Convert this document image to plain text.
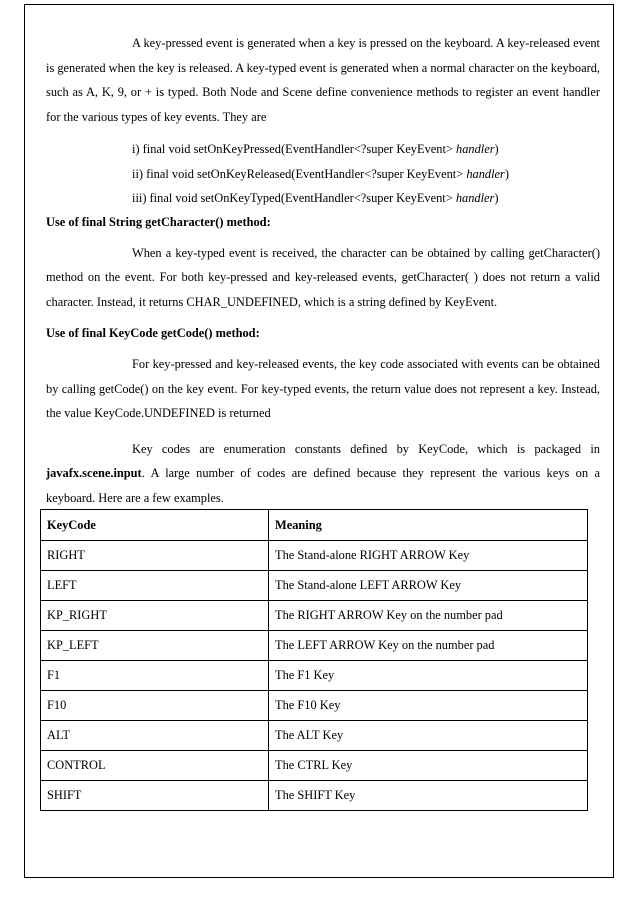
A key-pressed event is generated when a key is pressed on the keyboard. A key-released event is generated when the key is released. A key-typed event is generated when a normal character on the keyboard, such as A, K, 9, or + is typed. Both Node and Scene define convenience methods to register an event handler for the various types of key events. They are

i) final void setOnKeyPressed(EventHandler<?super KeyEvent> handler)
ii) final void setOnKeyReleased(EventHandler<?super KeyEvent> handler)
iii) final void setOnKeyTyped(EventHandler<?super KeyEvent> handler)

Use of final String getCharacter() method:

When a key-typed event is received, the character can be obtained by calling getCharacter() method on the event. For both key-pressed and key-released events, getCharacter( ) does not return a valid character. Instead, it returns CHAR_UNDEFINED, which is a string defined by KeyEvent.

Use of final KeyCode getCode() method:

For key-pressed and key-released events, the key code associated with events can be obtained by calling getCode() on the key event. For key-typed events, the return value does not represent a key. Instead, the value KeyCode.UNDEFINED is returned

Key codes are enumeration constants defined by KeyCode, which is packaged in javafx.scene.input. A large number of codes are defined because they represent the various keys on a keyboard. Here are a few examples.

KeyCode	Meaning
RIGHT	The Stand-alone RIGHT ARROW Key
LEFT	The Stand-alone LEFT ARROW Key
KP_RIGHT	The RIGHT ARROW Key on the number pad
KP_LEFT	The LEFT ARROW Key on the number pad
F1	The F1 Key
F10	The F10 Key
ALT	The ALT Key
CONTROL	The CTRL Key
SHIFT	The SHIFT Key
